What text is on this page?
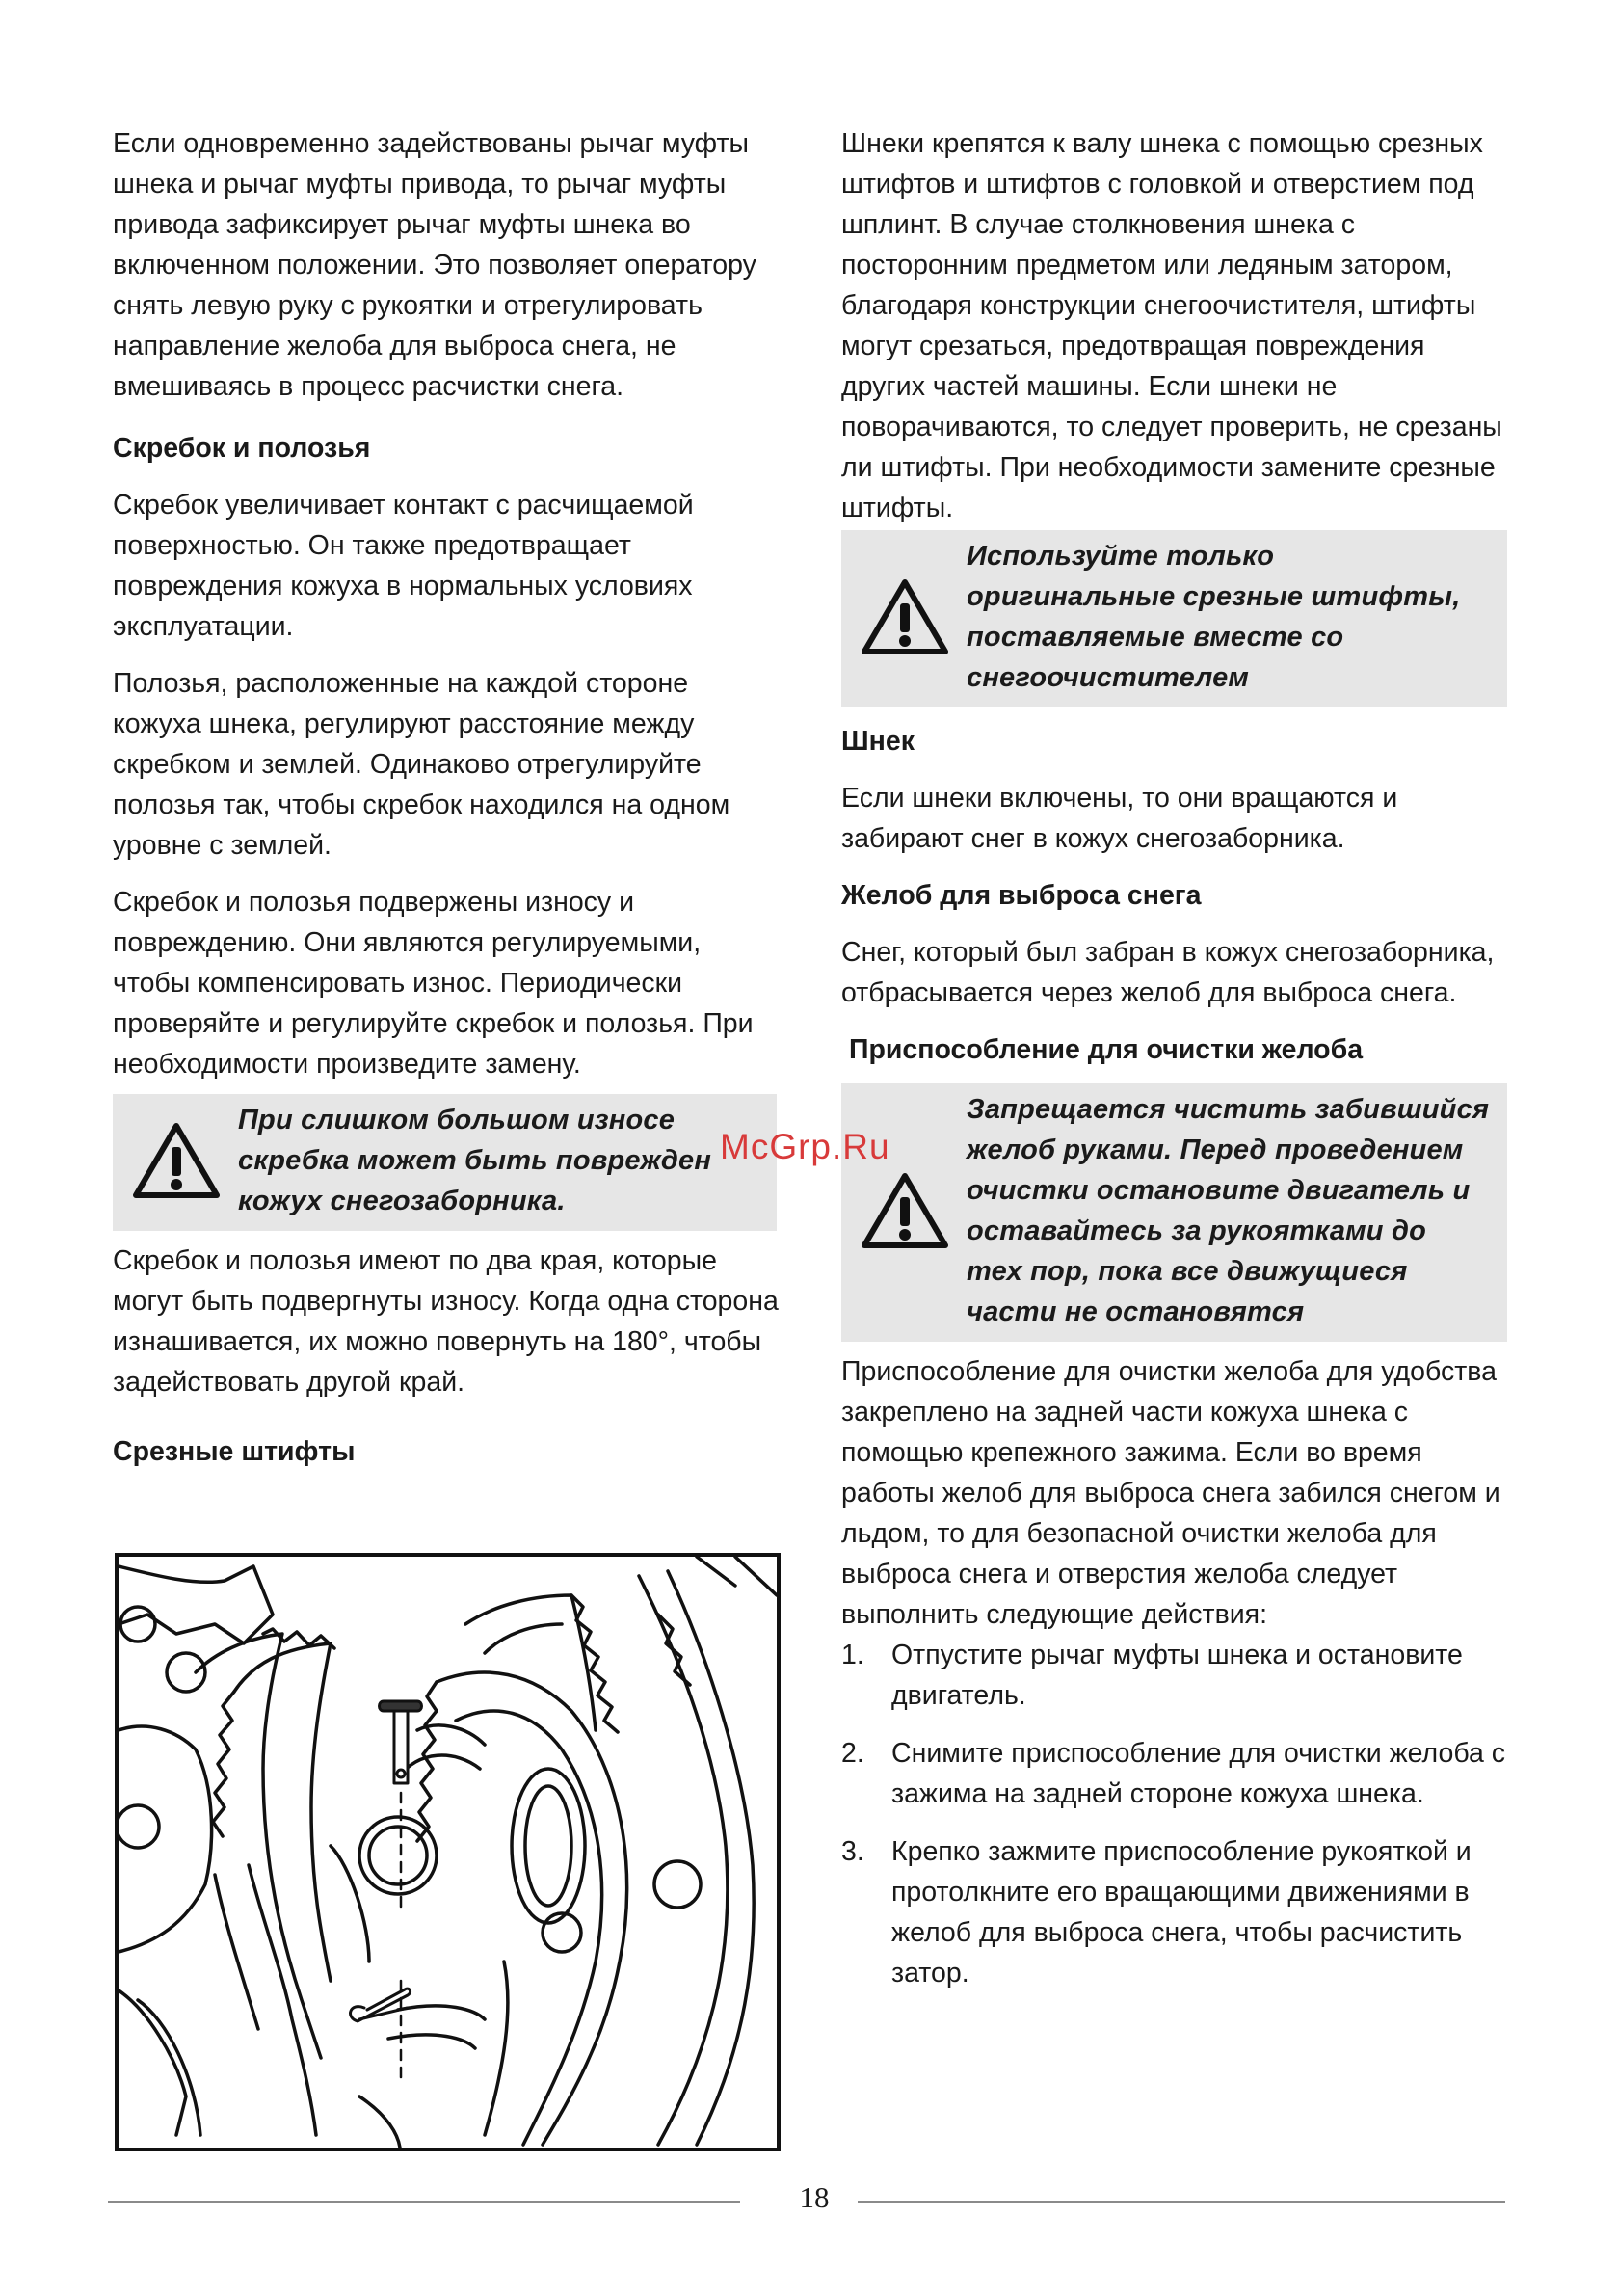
Если одновременно задействованы рычаг муфты шнека и рычаг муфты привода, то рычаг муфты привода зафиксирует рычаг муфты шнека во включенном положении. Это позволяет оператору снять левую руку с рукоятки и отрегулировать направление желоба для выброса снега, не вмешиваясь в процесс расчистки снега.

Скребок и полозья

Скребок увеличивает контакт с расчищаемой поверхностью. Он также предотвращает повреждения кожуха в нормальных условиях эксплуатации.

Полозья, расположенные на каждой стороне кожуха шнека, регулируют расстояние между скребком и землей. Одинаково отрегулируйте полозья так, чтобы скребок находился на одном уровне с землей.

Скребок и полозья подвержены износу и повреждению. Они являются регулируемыми, чтобы компенсировать износ. Периодически проверяйте и регулируйте скребок и полозья. При необходимости произведите замену.

При слишком большом износе скребка может быть поврежден кожух снегозаборника.

Скребок и полозья имеют по два края, которые могут быть подвергнуты износу. Когда одна сторона изнашивается, их можно повернуть на 180°, чтобы задействовать другой край.

Срезные штифты

Шнеки крепятся к валу шнека с помощью срезных штифтов и штифтов с головкой и отверстием под шплинт. В случае столкновения шнека с посторонним предметом или ледяным затором, благодаря конструкции снегоочистителя, штифты могут срезаться, предотвращая повреждения других частей машины. Если шнеки не поворачиваются, то следует проверить, не срезаны ли штифты. При необходимости замените срезные штифты.

Используйте только оригинальные срезные штифты, поставляемые вместе со снегоочистителем
Шнек

Если шнеки включены, то они вращаются и забирают снег в кожух снегозаборника.

Желоб для выброса снега

Снег, который был забран в кожух снегозаборника, отбрасывается через желоб для выброса снега.

Приспособление для очистки желоба
Запрещается чистить забившийся желоб руками. Перед проведением очистки остановите двигатель и оставайтесь за рукоятками до тех пор, пока все движущиеся части не остановятся

Приспособление для очистки желоба для удобства закреплено на задней части кожуха шнека с помощью крепежного зажима. Если во время работы желоб для выброса снега забился снегом и льдом, то для безопасной очистки желоба для выброса снега и отверстия желоба следует выполнить следующие действия:

1. Отпустите рычаг муфты шнека и остановите двигатель.
2. Снимите приспособление для очистки желоба с зажима на задней стороне кожуха шнека.
3. Крепко зажмите приспособление рукояткой и протолкните его вращающими движениями в желоб для выброса снега, чтобы расчистить затор.
McGrp.Ru
18
